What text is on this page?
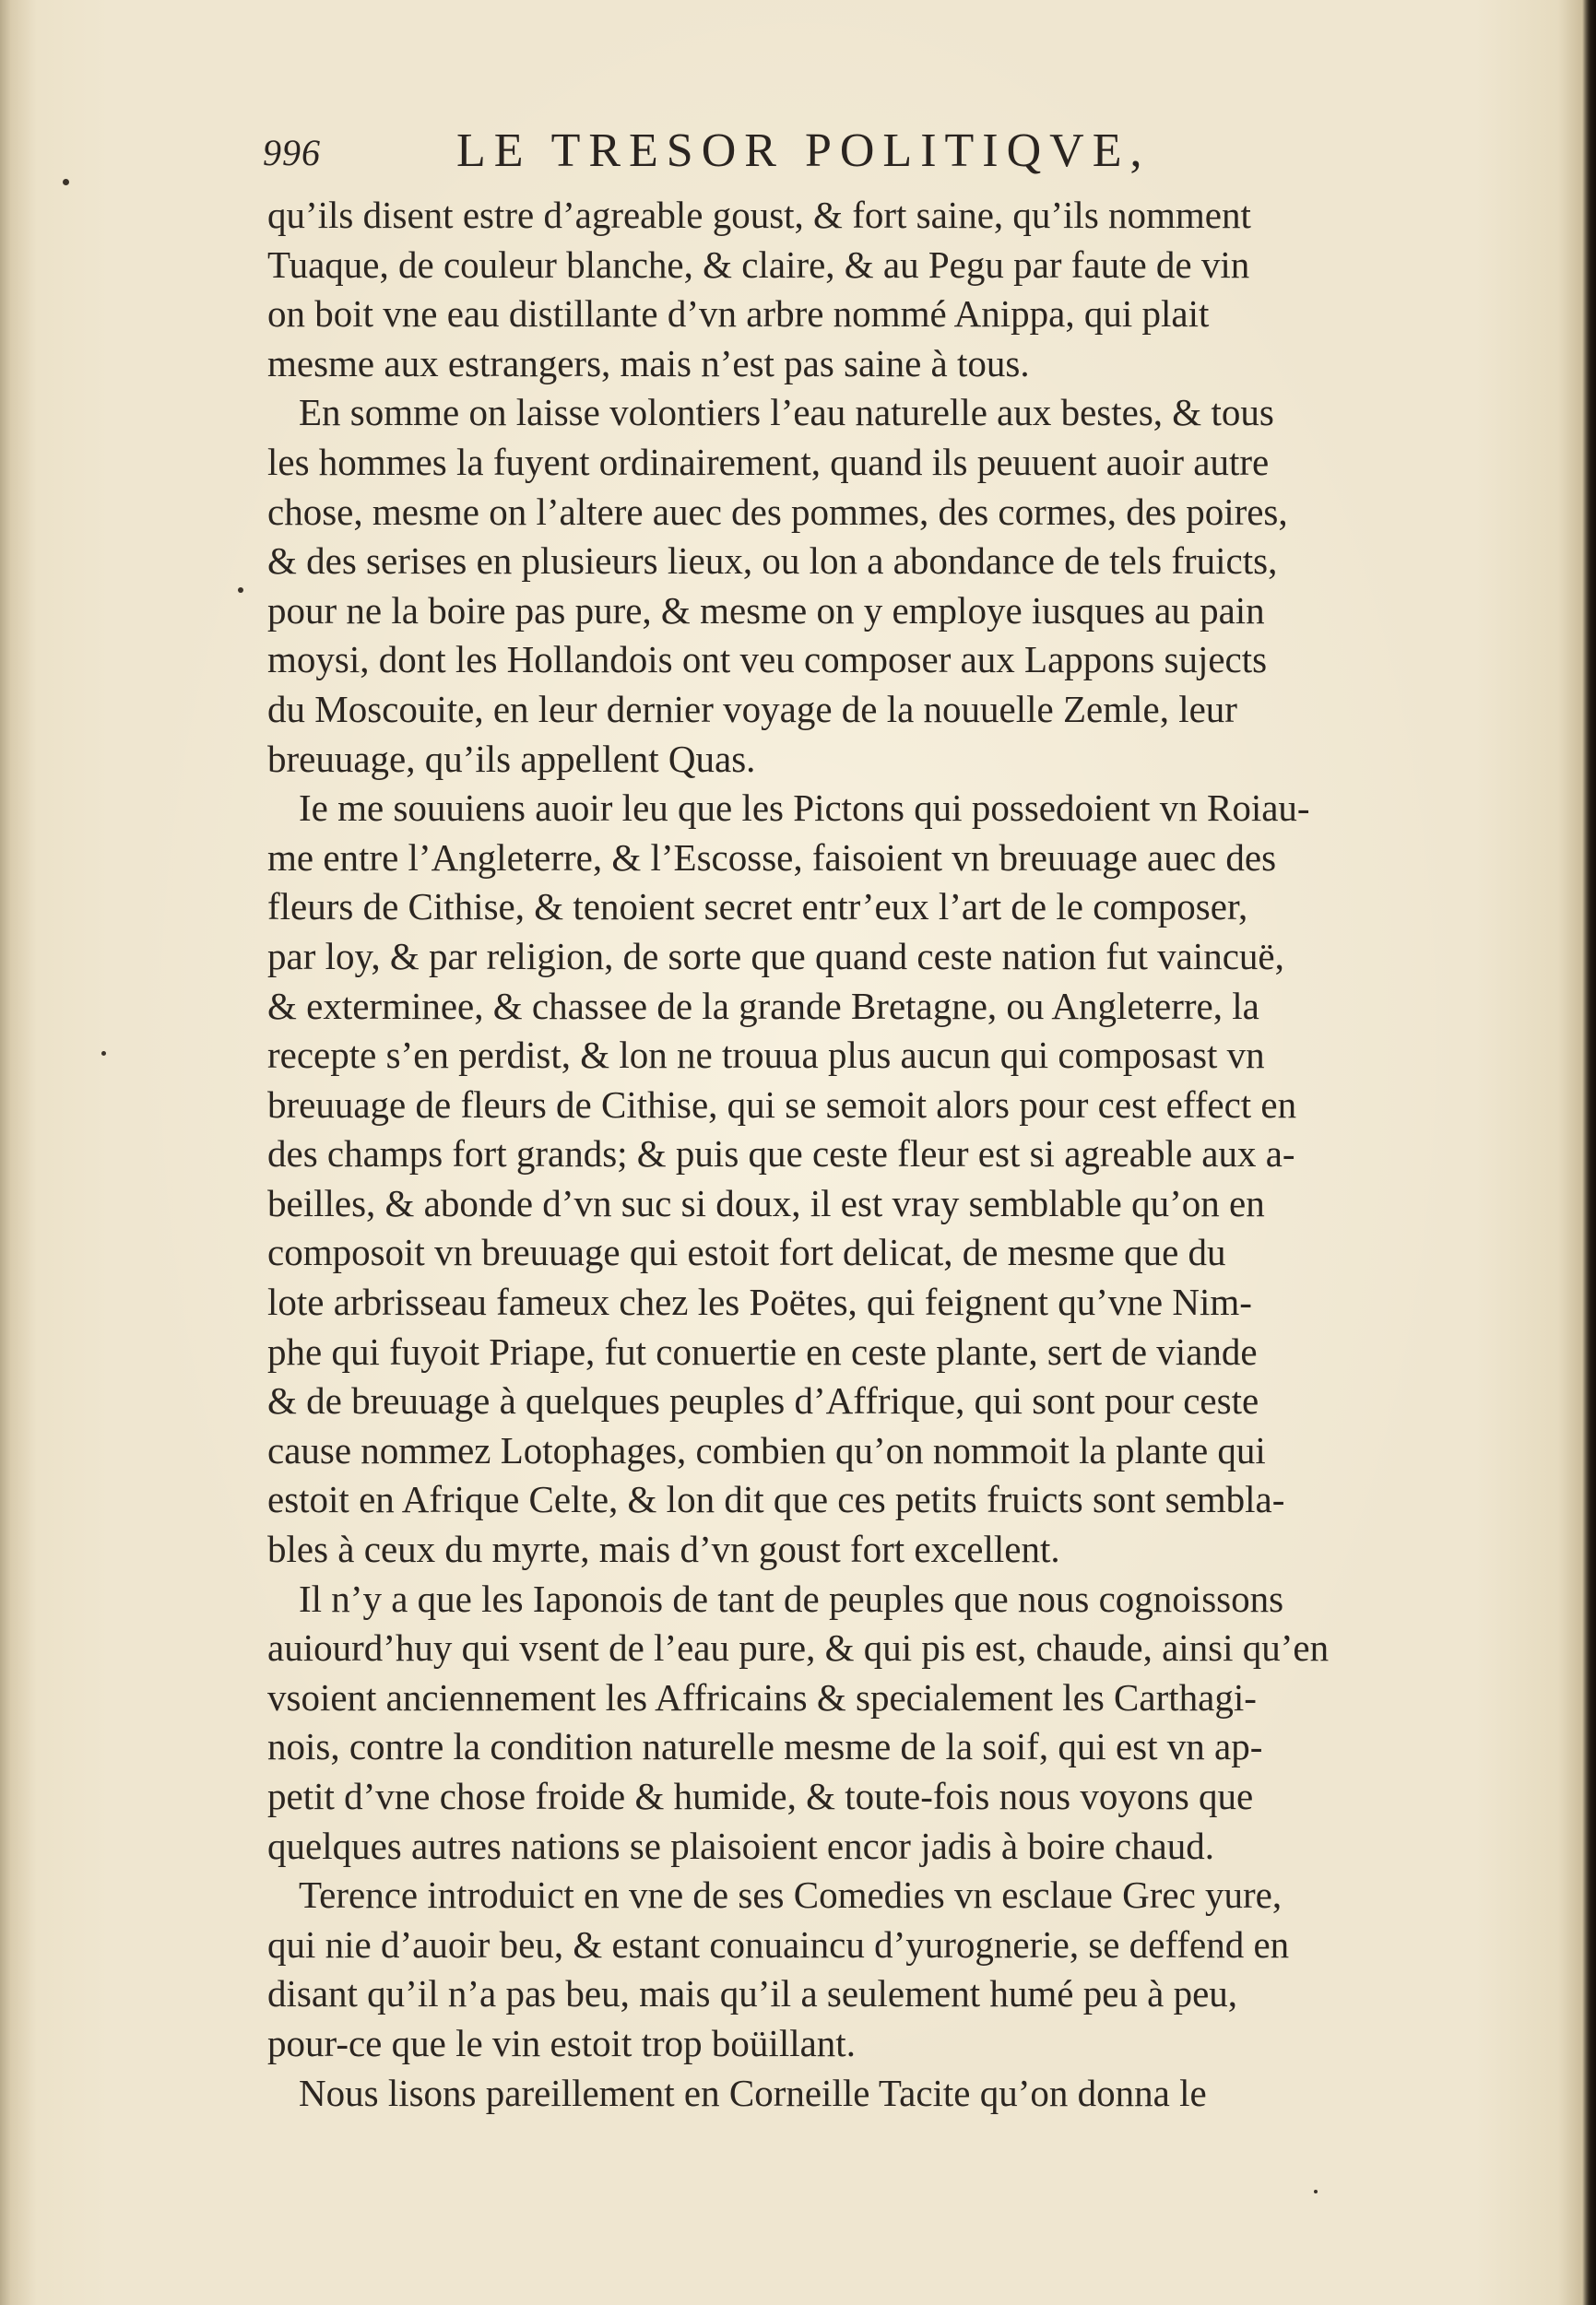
996	LE TRESOR POLITIQVE,
qu’ils disent estre d’agreable goust, & fort saine, qu’ils nomment
Tuaque, de couleur blanche, & claire, & au Pegu par faute de vin
on boit vne eau distillante d’vn arbre nommé Anippa, qui plait
mesme aux estrangers, mais n’est pas saine à tous.
En somme on laisse volontiers l’eau naturelle aux bestes, & tous
les hommes la fuyent ordinairement, quand ils peuuent auoir autre
chose, mesme on l’altere auec des pommes, des cormes, des poires,
& des serises en plusieurs lieux, ou lon a abondance de tels fruicts,
pour ne la boire pas pure, & mesme on y employe iusques au pain
moysi, dont les Hollandois ont veu composer aux Lappons sujects
du Moscouite, en leur dernier voyage de la nouuelle Zemle, leur
breuuage, qu’ils appellent Quas.
Ie me souuiens auoir leu que les Pictons qui possedoient vn Roiau-
me entre l’Angleterre, & l’Escosse, faisoient vn breuuage auec des
fleurs de Cithise, & tenoient secret entr’eux l’art de le composer,
par loy, & par religion, de sorte que quand ceste nation fut vaincuë,
& exterminee, & chassee de la grande Bretagne, ou Angleterre, la
recepte s’en perdist, & lon ne trouua plus aucun qui composast vn
breuuage de fleurs de Cithise, qui se semoit alors pour cest effect en
des champs fort grands; & puis que ceste fleur est si agreable aux a-
beilles, & abonde d’vn suc si doux, il est vray semblable qu’on en
composoit vn breuuage qui estoit fort delicat, de mesme que du
lote arbrisseau fameux chez les Poëtes, qui feignent qu’vne Nim-
phe qui fuyoit Priape, fut conuertie en ceste plante, sert de viande
& de breuuage à quelques peuples d’Affrique, qui sont pour ceste
cause nommez Lotophages, combien qu’on nommoit la plante qui
estoit en Afrique Celte, & lon dit que ces petits fruicts sont sembla-
bles à ceux du myrte, mais d’vn goust fort excellent.
Il n’y a que les Iaponois de tant de peuples que nous cognoissons
auiourd’huy qui vsent de l’eau pure, & qui pis est, chaude, ainsi qu’en
vsoient anciennement les Affricains & specialement les Carthagi-
nois, contre la condition naturelle mesme de la soif, qui est vn ap-
petit d’vne chose froide & humide, & toute-fois nous voyons que
quelques autres nations se plaisoient encor jadis à boire chaud.
Terence introduict en vne de ses Comedies vn esclaue Grec yure,
qui nie d’auoir beu, & estant conuaincu d’yurognerie, se deffend en
disant qu’il n’a pas beu, mais qu’il a seulement humé peu à peu,
pour-ce que le vin estoit trop boüillant.
Nous lisons pareillement en Corneille Tacite qu’on donna le
